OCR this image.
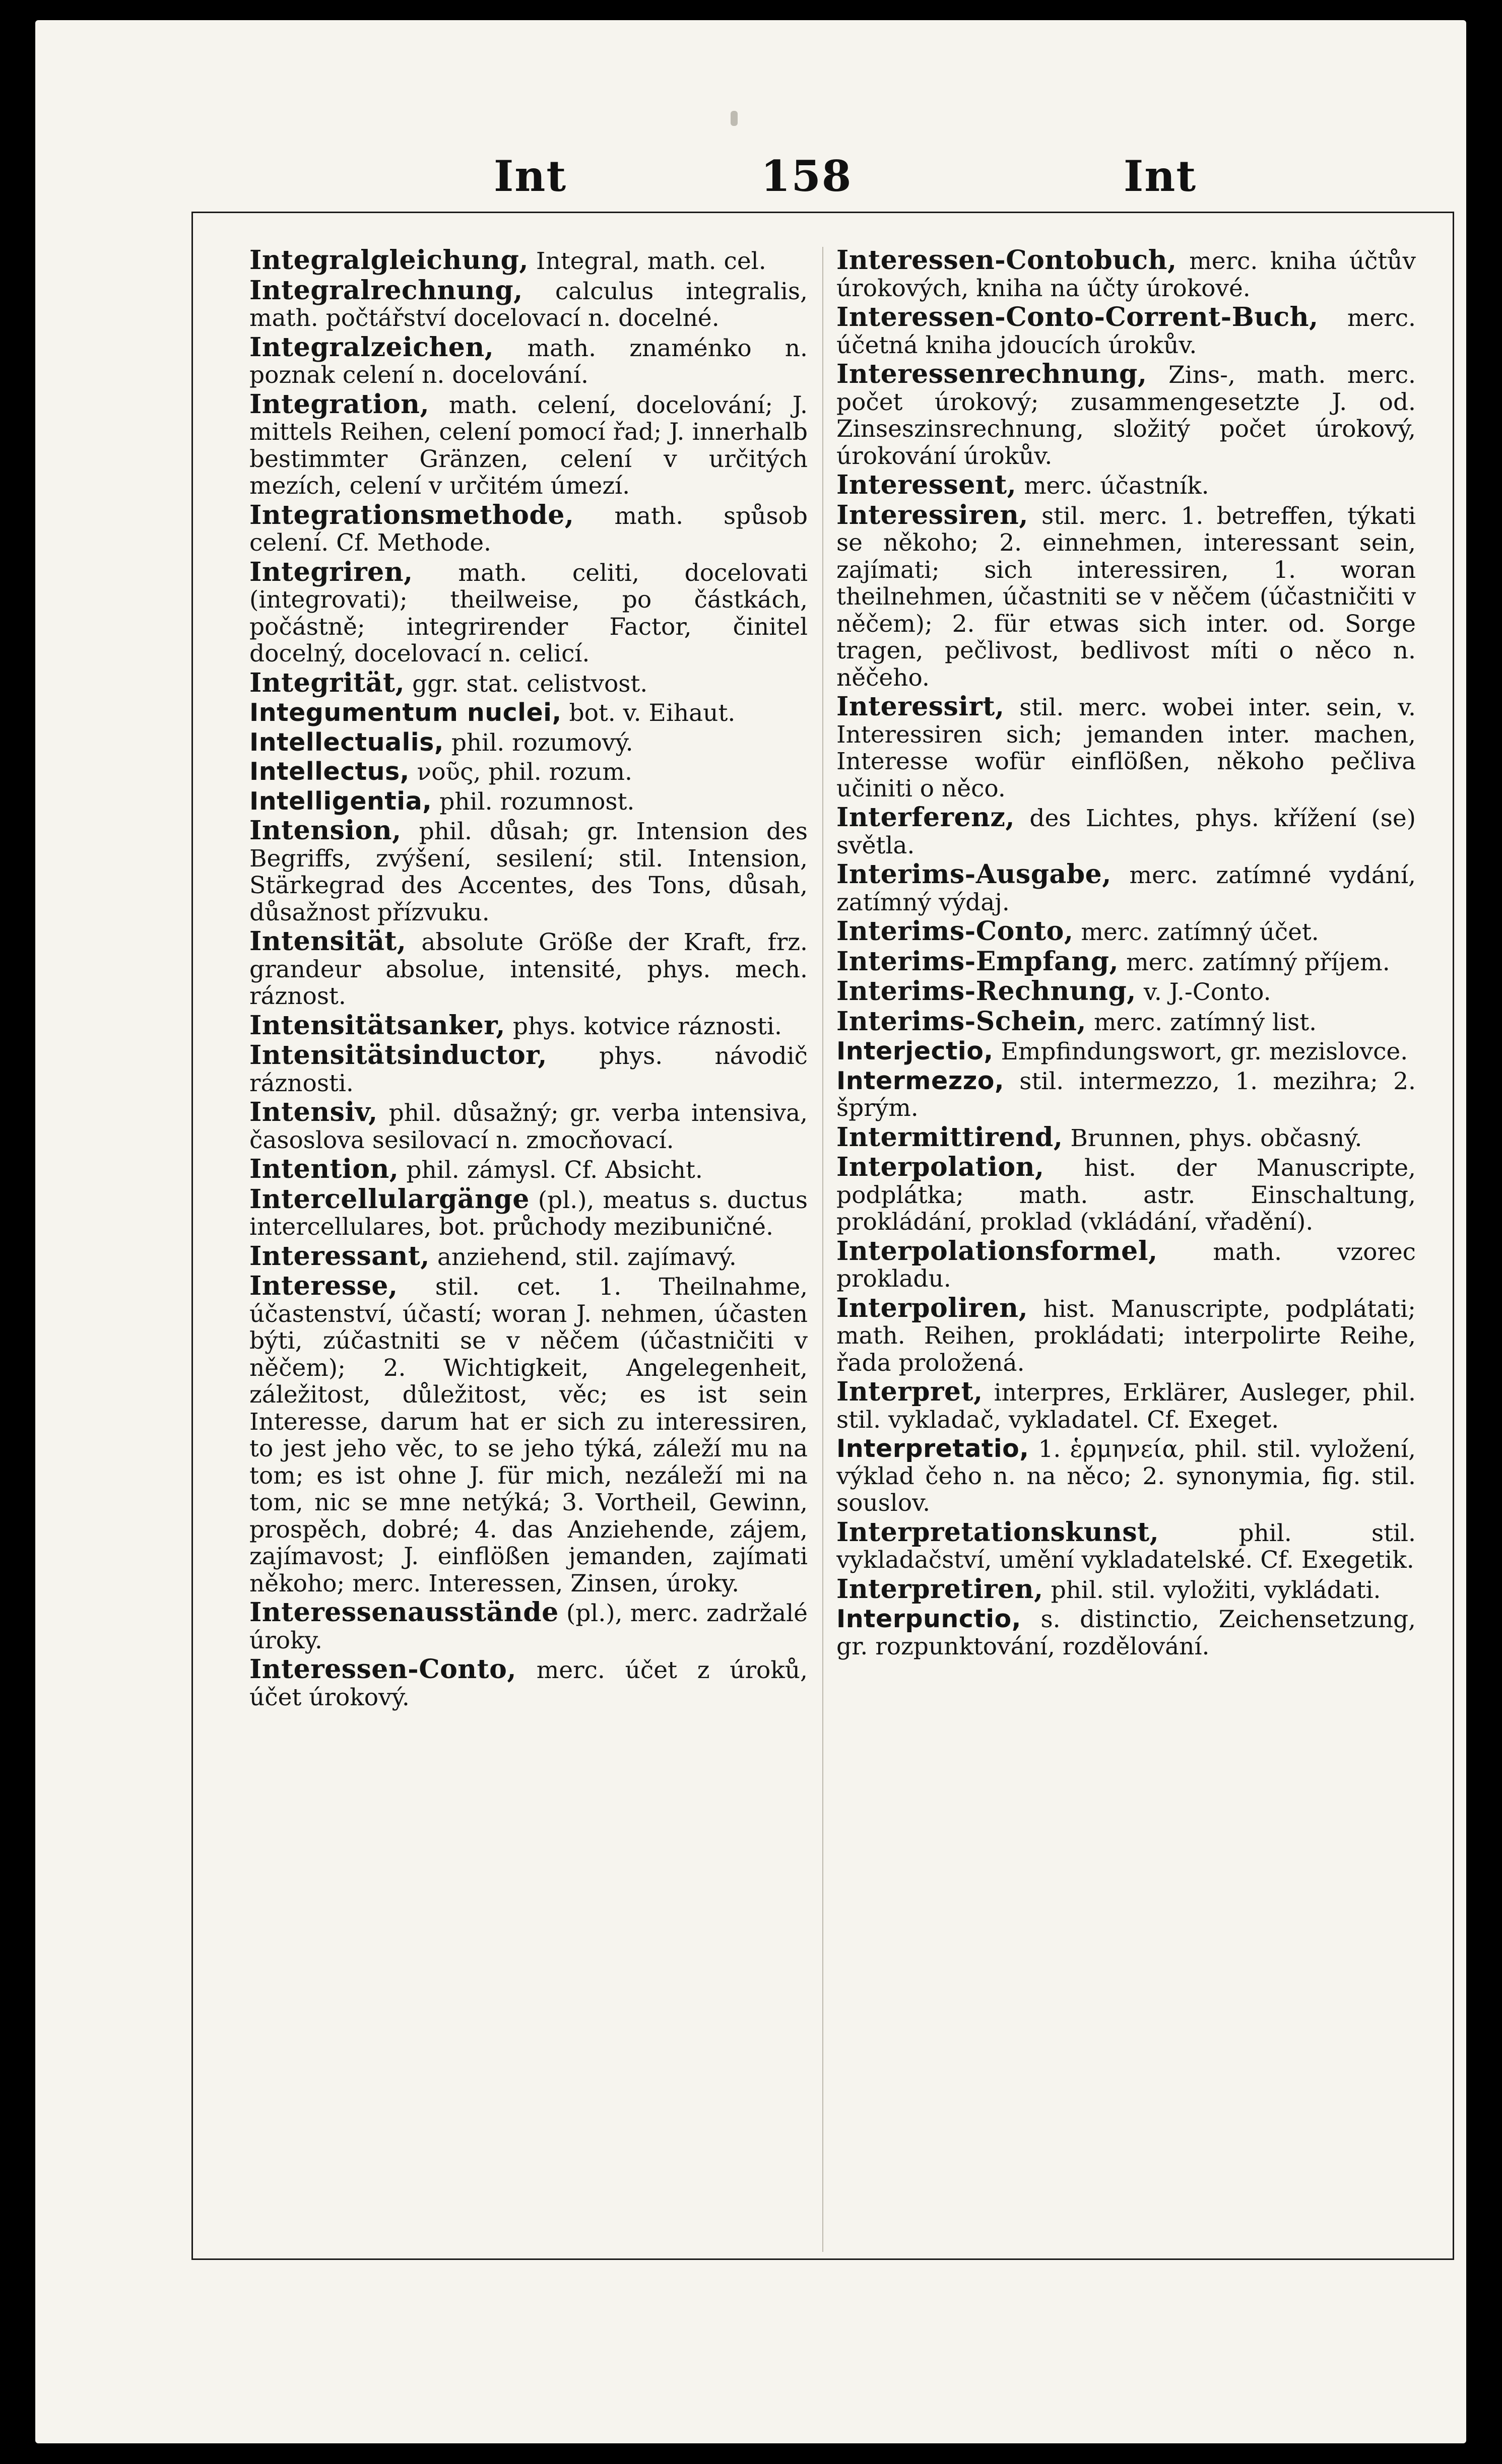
Int	158	Int

Integralgleichung, Integral, math. cel.

Integralrechnung, calculus integralis, math. počtářství docelovací n. docelné.

Integralzeichen, math. znaménko n. poznak celení n. docelování.

Integration, math. celení, docelování; J. mittels Reihen, celení pomocí řad; J. innerhalb bestimmter Gränzen, celení v určitých mezích, celení v určitém úmezí.

Integrationsmethode, math. spůsob celení. Cf. Methode.

Integriren, math. celiti, docelovati (integrovati); theilweise, po částkách, počástně; integrirender Factor, činitel docelný, docelovací n. celicí.

Integrität, ggr. stat. celistvost.

Integumentum nuclei, bot. v. Eihaut.

Intellectualis, phil. rozumový.

Intellectus, νοῦς, phil. rozum.

Intelligentia, phil. rozumnost.

Intension, phil. důsah; gr. Intension des Begriffs, zvýšení, sesilení; stil. Intension, Stärkegrad des Accentes, des Tons, důsah, důsažnost přízvuku.

Intensität, absolute Größe der Kraft, frz. grandeur absolue, intensité, phys. mech. ráznost.

Intensitätsanker, phys. kotvice ráznosti.

Intensitätsinductor, phys. návodič ráznosti.

Intensiv, phil. důsažný; gr. verba intensiva, časoslova sesilovací n. zmocňovací.

Intention, phil. zámysl. Cf. Absicht.

Intercellulargänge (pl.), meatus s. ductus intercellulares, bot. průchody mezibuničné.

Interessant, anziehend, stil. zajímavý.

Interesse, stil. cet. 1. Theilnahme, účastenství, účastí; woran J. nehmen, účasten býti, zúčastniti se v něčem (účastničiti v něčem); 2. Wichtigkeit, Angelegenheit, záležitost, důležitost, věc; es ist sein Interesse, darum hat er sich zu interessiren, to jest jeho věc, to se jeho týká, záleží mu na tom; es ist ohne J. für mich, nezáleží mi na tom, nic se mne netýká; 3. Vortheil, Gewinn, prospěch, dobré; 4. das Anziehende, zájem, zajímavost; J. einflößen jemanden, zajímati někoho; merc. Interessen, Zinsen, úroky.

Interessenausstände (pl.), merc. zadržalé úroky.

Interessen-Conto, merc. účet z úroků, účet úrokový.

Interessen-Contobuch, merc. kniha účtův úrokových, kniha na účty úrokové.

Interessen-Conto-Corrent-Buch, merc. účetná kniha jdoucích úrokův.

Interessenrechnung, Zins-, math. merc. počet úrokový; zusammengesetzte J. od. Zinseszinsrechnung, složitý počet úrokový, úrokování úrokův.

Interessent, merc. účastník.

Interessiren, stil. merc. 1. betreffen, týkati se někoho; 2. einnehmen, interessant sein, zajímati; sich interessiren, 1. woran theilnehmen, účastniti se v něčem (účastničiti v něčem); 2. für etwas sich inter. od. Sorge tragen, pečlivost, bedlivost míti o něco n. něčeho.

Interessirt, stil. merc. wobei inter. sein, v. Interessiren sich; jemanden inter. machen, Interesse wofür einflößen, někoho pečliva učiniti o něco.

Interferenz, des Lichtes, phys. křížení (se) světla.

Interims-Ausgabe, merc. zatímné vydání, zatímný výdaj.

Interims-Conto, merc. zatímný účet.

Interims-Empfang, merc. zatímný příjem.

Interims-Rechnung, v. J.-Conto.

Interims-Schein, merc. zatímný list.

Interjectio, Empfindungswort, gr. mezislovce.

Intermezzo, stil. intermezzo, 1. mezihra; 2. šprým.

Intermittirend, Brunnen, phys. občasný.

Interpolation, hist. der Manuscripte, podplátka; math. astr. Einschaltung, prokládání, proklad (vkládání, vřadění).

Interpolationsformel, math. vzorec prokladu.

Interpoliren, hist. Manuscripte, podplátati; math. Reihen, prokládati; interpolirte Reihe, řada proložená.

Interpret, interpres, Erklärer, Ausleger, phil. stil. vykladač, vykladatel. Cf. Exeget.

Interpretatio, 1. ἑρμηνεία, phil. stil. vyložení, výklad čeho n. na něco; 2. synonymia, fig. stil. souslov.

Interpretationskunst, phil. stil. vykladačství, umění vykladatelské. Cf. Exegetik.

Interpretiren, phil. stil. vyložiti, vykládati.

Interpunctio, s. distinctio, Zeichensetzung, gr. rozpunktování, rozdělování.
